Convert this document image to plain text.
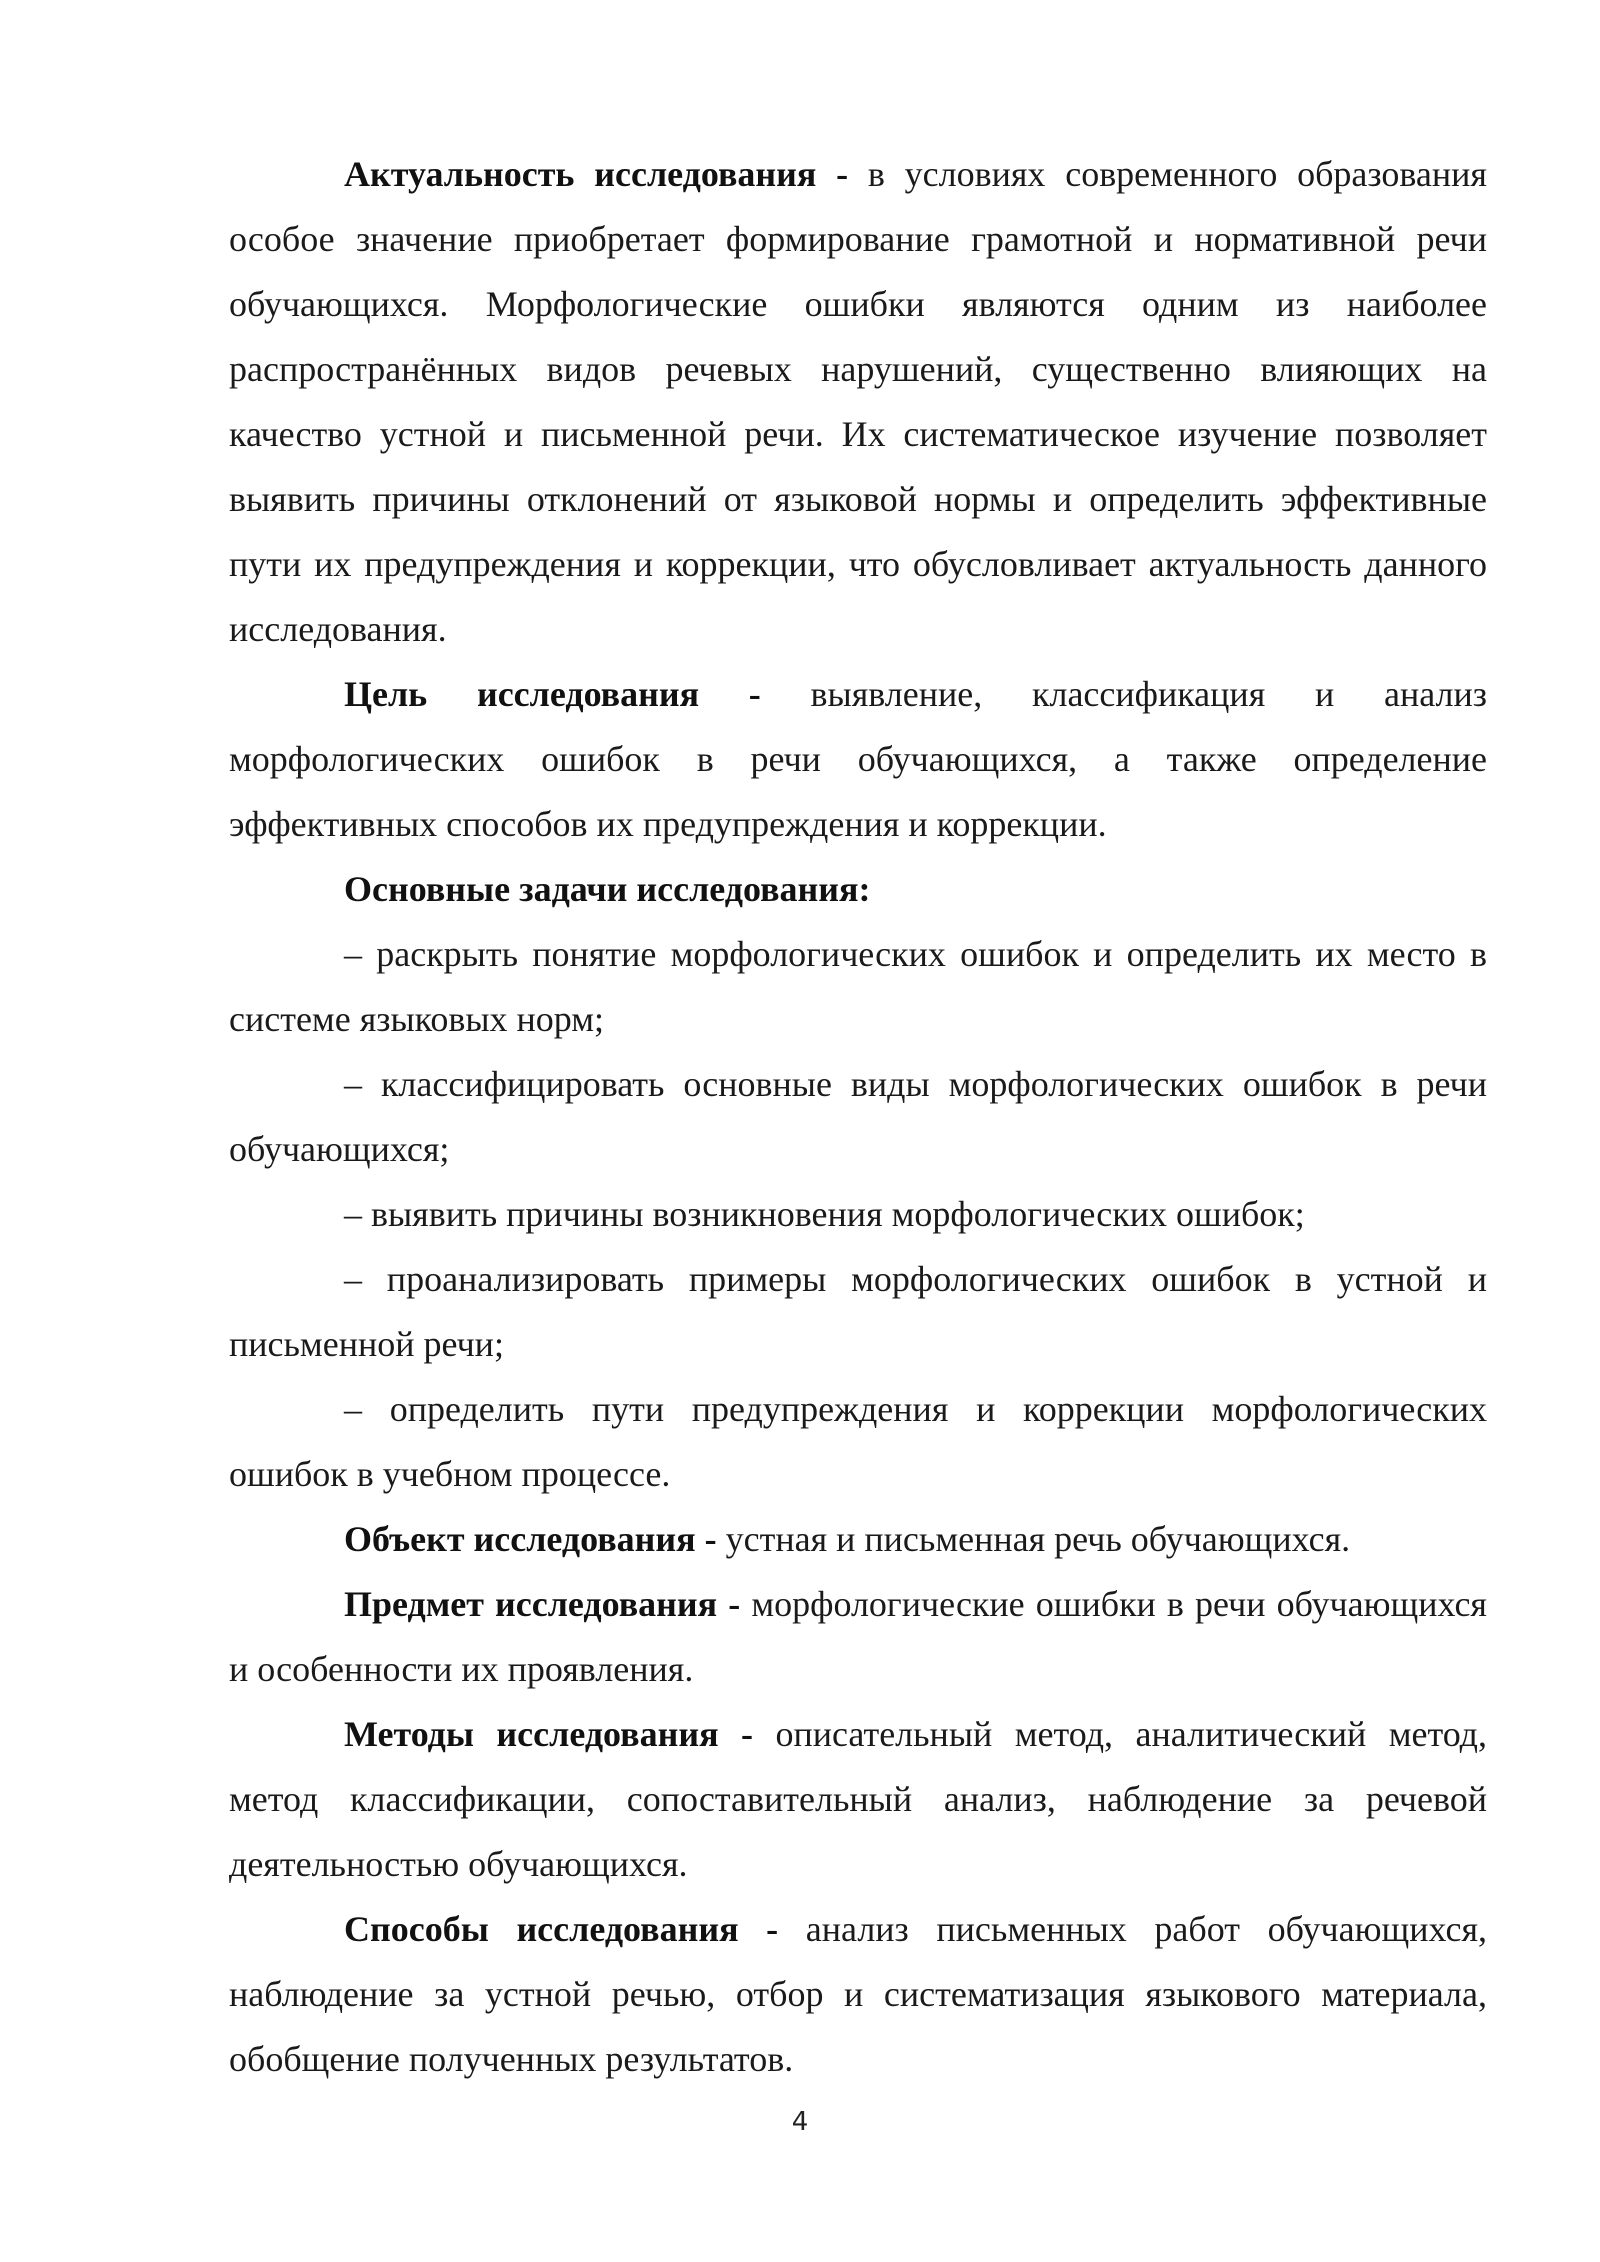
Актуальность исследования - в условиях современного образования особое значение приобретает формирование грамотной и нормативной речи обучающихся. Морфологические ошибки являются одним из наиболее распространённых видов речевых нарушений, существенно влияющих на качество устной и письменной речи. Их систематическое изучение позволяет выявить причины отклонений от языковой нормы и определить эффективные пути их предупреждения и коррекции, что обусловливает актуальность данного исследования.

Цель исследования - выявление, классификация и анализ морфологических ошибок в речи обучающихся, а также определение эффективных способов их предупреждения и коррекции.

Основные задачи исследования:

– раскрыть понятие морфологических ошибок и определить их место в системе языковых норм;

– классифицировать основные виды морфологических ошибок в речи обучающихся;

– выявить причины возникновения морфологических ошибок;

– проанализировать примеры морфологических ошибок в устной и письменной речи;

– определить пути предупреждения и коррекции морфологических ошибок в учебном процессе.

Объект исследования - устная и письменная речь обучающихся.

Предмет исследования - морфологические ошибки в речи обучающихся и особенности их проявления.

Методы исследования - описательный метод, аналитический метод, метод классификации, сопоставительный анализ, наблюдение за речевой деятельностью обучающихся.

Способы исследования - анализ письменных работ обучающихся, наблюдение за устной речью, отбор и систематизация языкового материала, обобщение полученных результатов.

4
